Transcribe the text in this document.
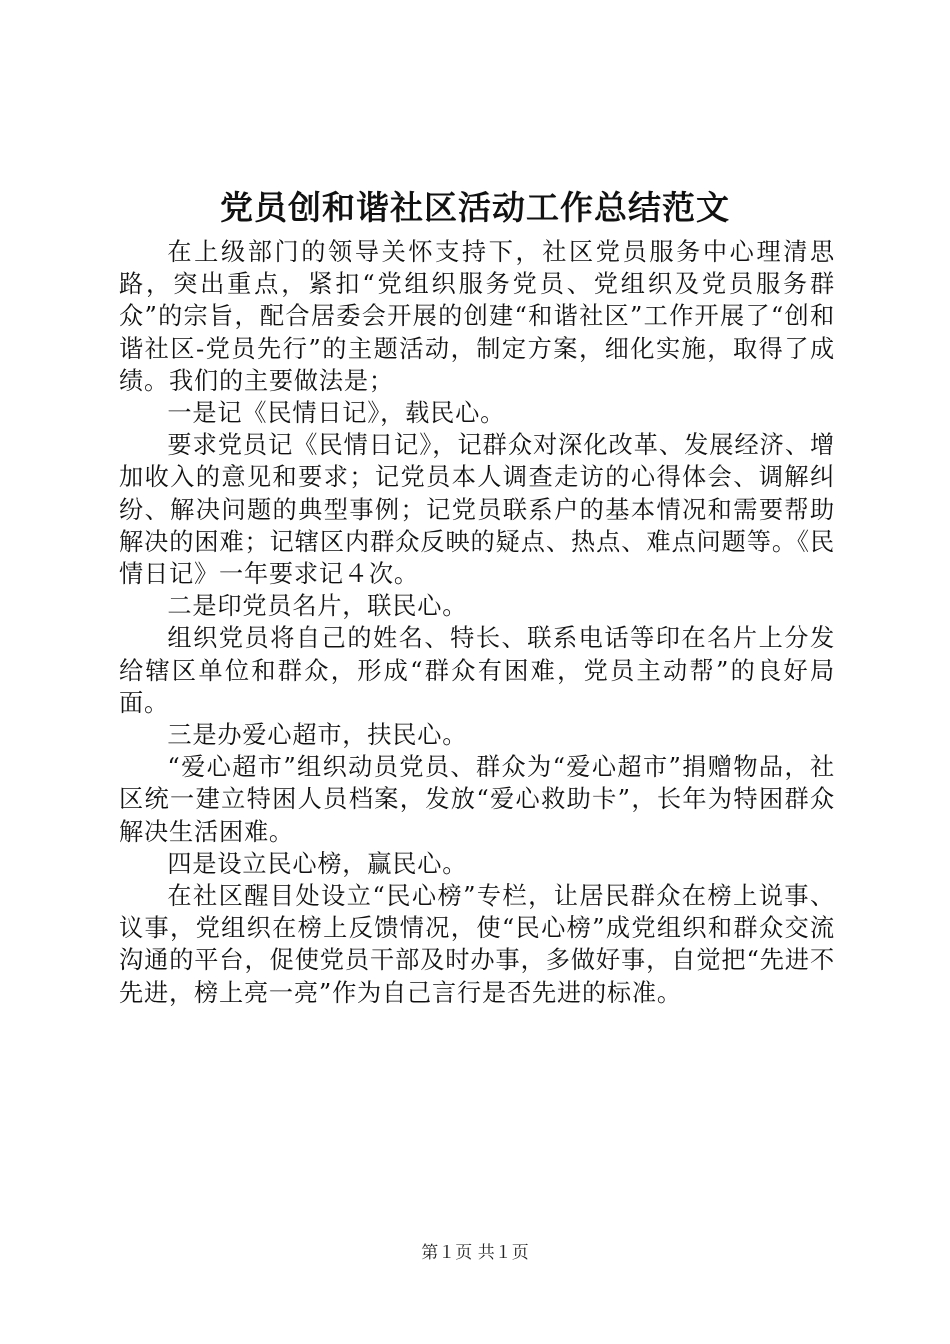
党员创和谐社区活动工作总结范文

在上级部门的领导关怀支持下，社区党员服务中心理清思路，突出重点，紧扣“党组织服务党员、党组织及党员服务群众”的宗旨，配合居委会开展的创建“和谐社区”工作开展了“创和谐社区-党员先行”的主题活动，制定方案，细化实施，取得了成绩。我们的主要做法是；

一是记《民情日记》，载民心。

要求党员记《民情日记》，记群众对深化改革、发展经济、增加收入的意见和要求；记党员本人调查走访的心得体会、调解纠纷、解决问题的典型事例；记党员联系户的基本情况和需要帮助解决的困难；记辖区内群众反映的疑点、热点、难点问题等。《民情日记》一年要求记４次。

二是印党员名片，联民心。

组织党员将自己的姓名、特长、联系电话等印在名片上分发给辖区单位和群众，形成“群众有困难，党员主动帮”的良好局面。

三是办爱心超市，扶民心。

“爱心超市”组织动员党员、群众为“爱心超市”捐赠物品，社区统一建立特困人员档案，发放“爱心救助卡”，长年为特困群众解决生活困难。

四是设立民心榜，赢民心。

在社区醒目处设立“民心榜”专栏，让居民群众在榜上说事、议事，党组织在榜上反馈情况，使“民心榜”成党组织和群众交流沟通的平台，促使党员干部及时办事，多做好事，自觉把“先进不先进，榜上亮一亮”作为自己言行是否先进的标准。

第１页 共１页
